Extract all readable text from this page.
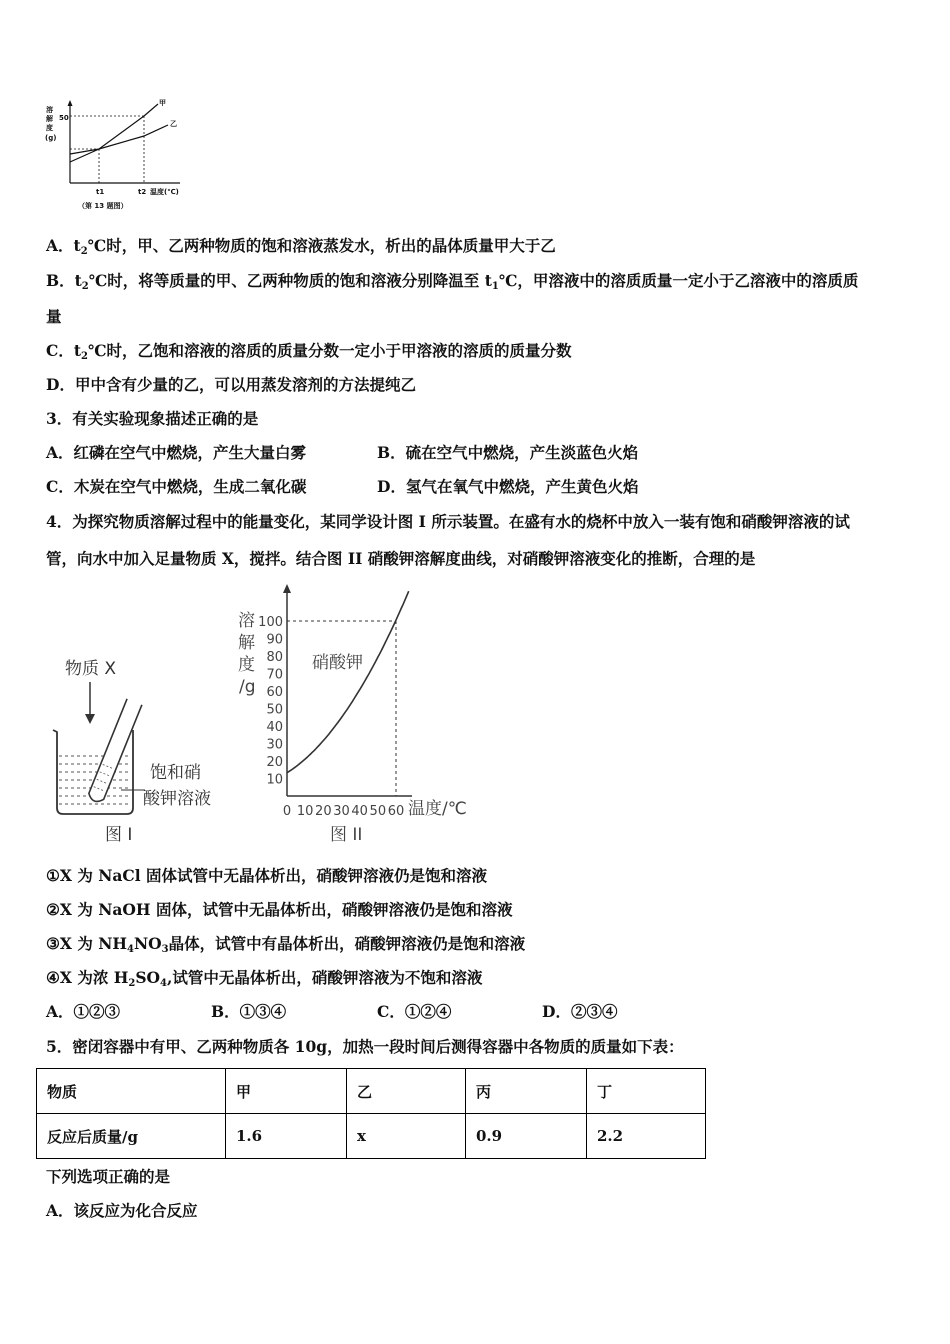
溶
解
度
(g)
50
甲
乙
t1	t2 温度(℃)
（第 13 题图）
A．$t_2℃$时，甲、乙两种物质的饱和溶液蒸发水，析出的晶体质量甲大于乙
B．$t_2℃$时，将等质量的甲、乙两种物质的饱和溶液分别降温至 $t_1℃$，甲溶液中的溶质质量一定小于乙溶液中的溶质质
量
C．$t_2℃$时，乙饱和溶液的溶质的质量分数一定小于甲溶液的溶质的质量分数
D．甲中含有少量的乙，可以用蒸发溶剂的方法提纯乙
3．有关实验现象描述正确的是
A．红磷在空气中燃烧，产生大量白雾	B．硫在空气中燃烧，产生淡蓝色火焰
C．木炭在空气中燃烧，生成二氧化碳	D．氢气在氧气中燃烧，产生黄色火焰
4．为探究物质溶解过程中的能量变化，某同学设计图 I 所示装置。在盛有水的烧杯中放入一装有饱和硝酸钾溶液的试
管，向水中加入足量物质 X，搅拌。结合图 II 硝酸钾溶解度曲线，对硝酸钾溶液变化的推断，合理的是
物质 X
饱和硝
酸钾溶液
图 I
溶
解
度
/g
硝酸钾
温度/℃
图 II
100
90
80
70
60
50
40
30
20
10
0 10 20 30 40 50 60
①X 为 NaCl 固体试管中无晶体析出，硝酸钾溶液仍是饱和溶液
②X 为 NaOH 固体，试管中无晶体析出，硝酸钾溶液仍是饱和溶液
③X 为 $NH_4NO_3$晶体，试管中有晶体析出，硝酸钾溶液仍是饱和溶液
④X 为浓 $H_2SO_4$,试管中无晶体析出，硝酸钾溶液为不饱和溶液
A．①②③	B．①③④	C．①②④	D．②③④
5．密闭容器中有甲、乙两种物质各 10g，加热一段时间后测得容器中各物质的质量如下表：
物质	甲	乙	丙	丁
反应后质量/g	1.6	x	0.9	2.2
下列选项正确的是
A．该反应为化合反应
